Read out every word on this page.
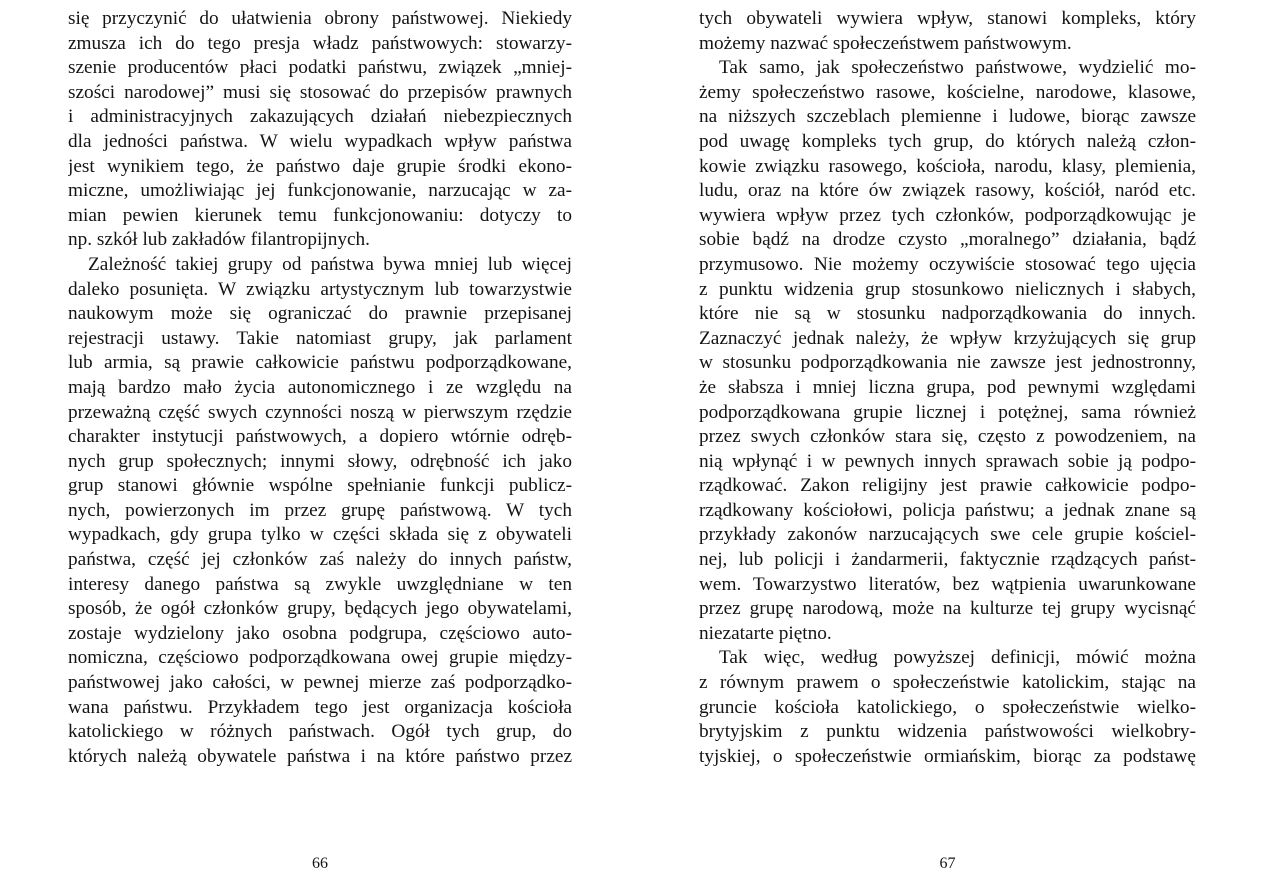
się przyczynić do ułatwienia obrony państwowej. Niekiedy
zmusza ich do tego presja władz państwowych: stowarzy-
szenie producentów płaci podatki państwu, związek „mniej-
szości narodowej” musi się stosować do przepisów prawnych
i administracyjnych zakazujących działań niebezpiecznych
dla jedności państwa. W wielu wypadkach wpływ państwa
jest wynikiem tego, że państwo daje grupie środki ekono-
miczne, umożliwiając jej funkcjonowanie, narzucając w za-
mian pewien kierunek temu funkcjonowaniu: dotyczy to
np. szkół lub zakładów filantropijnych.
Zależność takiej grupy od państwa bywa mniej lub więcej
daleko posunięta. W związku artystycznym lub towarzystwie
naukowym może się ograniczać do prawnie przepisanej
rejestracji ustawy. Takie natomiast grupy, jak parlament
lub armia, są prawie całkowicie państwu podporządkowane,
mają bardzo mało życia autonomicznego i ze względu na
przeważną część swych czynności noszą w pierwszym rzędzie
charakter instytucji państwowych, a dopiero wtórnie odręb-
nych grup społecznych; innymi słowy, odrębność ich jako
grup stanowi głównie wspólne spełnianie funkcji publicz-
nych, powierzonych im przez grupę państwową. W tych
wypadkach, gdy grupa tylko w części składa się z obywateli
państwa, część jej członków zaś należy do innych państw,
interesy danego państwa są zwykle uwzględniane w ten
sposób, że ogół członków grupy, będących jego obywatelami,
zostaje wydzielony jako osobna podgrupa, częściowo auto-
nomiczna, częściowo podporządkowana owej grupie między-
państwowej jako całości, w pewnej mierze zaś podporządko-
wana państwu. Przykładem tego jest organizacja kościoła
katolickiego w różnych państwach. Ogół tych grup, do
których należą obywatele państwa i na które państwo przez
66
tych obywateli wywiera wpływ, stanowi kompleks, który
możemy nazwać społeczeństwem państwowym.
Tak samo, jak społeczeństwo państwowe, wydzielić mo-
żemy społeczeństwo rasowe, kościelne, narodowe, klasowe,
na niższych szczeblach plemienne i ludowe, biorąc zawsze
pod uwagę kompleks tych grup, do których należą człon-
kowie związku rasowego, kościoła, narodu, klasy, plemienia,
ludu, oraz na które ów związek rasowy, kościół, naród etc.
wywiera wpływ przez tych członków, podporządkowując je
sobie bądź na drodze czysto „moralnego” działania, bądź
przymusowo. Nie możemy oczywiście stosować tego ujęcia
z punktu widzenia grup stosunkowo nielicznych i słabych,
które nie są w stosunku nadporządkowania do innych.
Zaznaczyć jednak należy, że wpływ krzyżujących się grup
w stosunku podporządkowania nie zawsze jest jednostronny,
że słabsza i mniej liczna grupa, pod pewnymi względami
podporządkowana grupie licznej i potężnej, sama również
przez swych członków stara się, często z powodzeniem, na
nią wpłynąć i w pewnych innych sprawach sobie ją podpo-
rządkować. Zakon religijny jest prawie całkowicie podpo-
rządkowany kościołowi, policja państwu; a jednak znane są
przykłady zakonów narzucających swe cele grupie kościel-
nej, lub policji i żandarmerii, faktycznie rządzących państ-
wem. Towarzystwo literatów, bez wątpienia uwarunkowane
przez grupę narodową, może na kulturze tej grupy wycisnąć
niezatarte piętno.
Tak więc, według powyższej definicji, mówić można
z równym prawem o społeczeństwie katolickim, stając na
gruncie kościoła katolickiego, o społeczeństwie wielko-
brytyjskim z punktu widzenia państwowości wielkobry-
tyjskiej, o społeczeństwie ormiańskim, biorąc za podstawę
67
